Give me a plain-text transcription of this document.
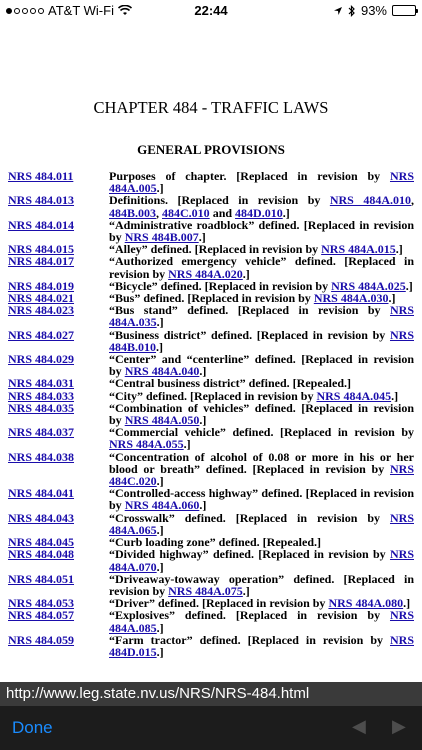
AT&T Wi-Fi	22:44	93%
CHAPTER 484 - TRAFFIC LAWS
GENERAL PROVISIONS
NRS 484.011	Purposes of chapter. [Replaced in revision by NRS 484A.005.]
NRS 484.013	Definitions. [Replaced in revision by NRS 484A.010, 484B.003, 484C.010 and 484D.010.]
NRS 484.014	“Administrative roadblock” defined. [Replaced in revision by NRS 484B.007.]
NRS 484.015	“Alley” defined. [Replaced in revision by NRS 484A.015.]
NRS 484.017	“Authorized emergency vehicle” defined. [Replaced in revision by NRS 484A.020.]
NRS 484.019	“Bicycle” defined. [Replaced in revision by NRS 484A.025.]
NRS 484.021	“Bus” defined. [Replaced in revision by NRS 484A.030.]
NRS 484.023	“Bus stand” defined. [Replaced in revision by NRS 484A.035.]
NRS 484.027	“Business district” defined. [Replaced in revision by NRS 484B.010.]
NRS 484.029	“Center” and “centerline” defined. [Replaced in revision by NRS 484A.040.]
NRS 484.031	“Central business district” defined. [Repealed.]
NRS 484.033	“City” defined. [Replaced in revision by NRS 484A.045.]
NRS 484.035	“Combination of vehicles” defined. [Replaced in revision by NRS 484A.050.]
NRS 484.037	“Commercial vehicle” defined. [Replaced in revision by NRS 484A.055.]
NRS 484.038	“Concentration of alcohol of 0.08 or more in his or her blood or breath” defined. [Replaced in revision by NRS 484C.020.]
NRS 484.041	“Controlled-access highway” defined. [Replaced in revision by NRS 484A.060.]
NRS 484.043	“Crosswalk” defined. [Replaced in revision by NRS 484A.065.]
NRS 484.045	“Curb loading zone” defined. [Repealed.]
NRS 484.048	“Divided highway” defined. [Replaced in revision by NRS 484A.070.]
NRS 484.051	“Driveaway-towaway operation” defined. [Replaced in revision by NRS 484A.075.]
NRS 484.053	“Driver” defined. [Replaced in revision by NRS 484A.080.]
NRS 484.057	“Explosives” defined. [Replaced in revision by NRS 484A.085.]
NRS 484.059	“Farm tractor” defined. [Replaced in revision by NRS 484D.015.]
http://www.leg.state.nv.us/NRS/NRS-484.html
Done	◀ ▶
